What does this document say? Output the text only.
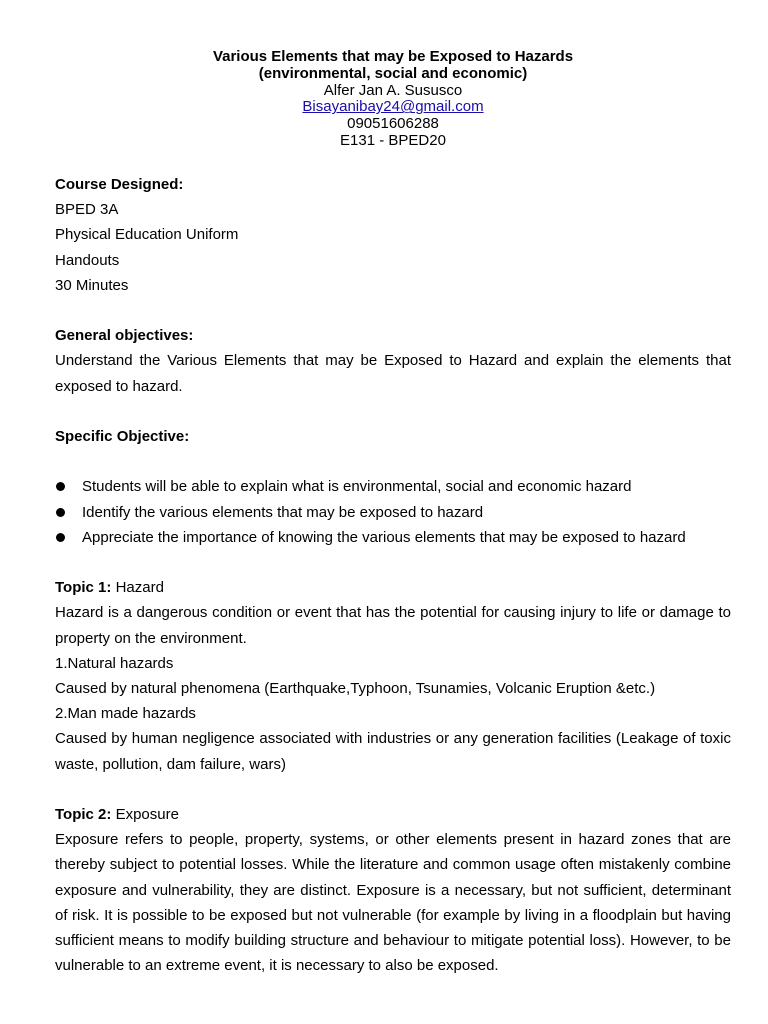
Various Elements that may be Exposed to Hazards
(environmental, social and economic)
Alfer Jan A. Sususco
Bisayanibay24@gmail.com
09051606288
E131 - BPED20

Course Designed:

BPED 3A

Physical Education Uniform

Handouts

30 Minutes

General objectives:

Understand the Various Elements that may be Exposed to Hazard and explain the elements that exposed to hazard.

Specific Objective:

Students will be able to explain what is environmental, social and economic hazard
Identify the various elements that may be exposed to hazard
Appreciate the importance of knowing the various elements that may be exposed to hazard

Topic 1: Hazard

Hazard is a dangerous condition or event that has the potential for causing injury to life or damage to property on the environment.

1.Natural hazards

Caused by natural phenomena (Earthquake,Typhoon, Tsunamies, Volcanic Eruption &etc.)

2.Man made hazards

Caused by human negligence associated with industries or any generation facilities (Leakage of toxic waste, pollution, dam failure, wars)

Topic 2: Exposure

Exposure refers to people, property, systems, or other elements present in hazard zones that are thereby subject to potential losses. While the literature and common usage often mistakenly combine exposure and vulnerability, they are distinct. Exposure is a necessary, but not sufficient, determinant of risk. It is possible to be exposed but not vulnerable (for example by living in a floodplain but having sufficient means to modify building structure and behaviour to mitigate potential loss). However, to be vulnerable to an extreme event, it is necessary to also be exposed.
